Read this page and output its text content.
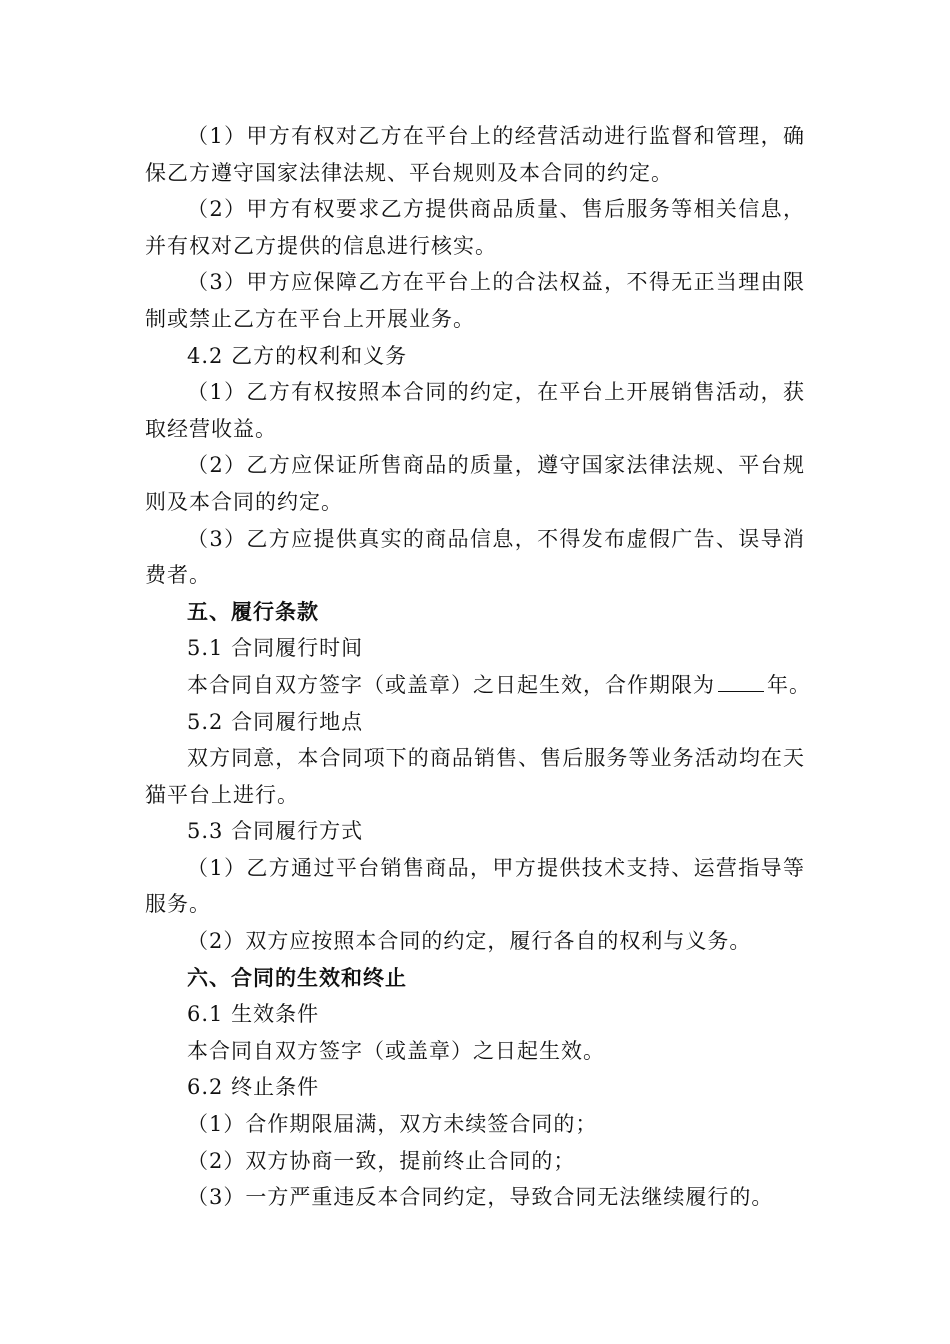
（1）甲方有权对乙方在平台上的经营活动进行监督和管理，确保乙方遵守国家法律法规、平台规则及本合同的约定。

（2）甲方有权要求乙方提供商品质量、售后服务等相关信息，并有权对乙方提供的信息进行核实。

（3）甲方应保障乙方在平台上的合法权益，不得无正当理由限制或禁止乙方在平台上开展业务。

4.2 乙方的权利和义务

（1）乙方有权按照本合同的约定，在平台上开展销售活动，获取经营收益。

（2）乙方应保证所售商品的质量，遵守国家法律法规、平台规则及本合同的约定。

（3）乙方应提供真实的商品信息，不得发布虚假广告、误导消费者。

五、履行条款

5.1 合同履行时间

本合同自双方签字（或盖章）之日起生效，合作期限为 年。

5.2 合同履行地点

双方同意，本合同项下的商品销售、售后服务等业务活动均在天猫平台上进行。

5.3 合同履行方式

（1）乙方通过平台销售商品，甲方提供技术支持、运营指导等服务。

（2）双方应按照本合同的约定，履行各自的权利与义务。

六、合同的生效和终止

6.1 生效条件

本合同自双方签字（或盖章）之日起生效。

6.2 终止条件

（1）合作期限届满，双方未续签合同的；

（2）双方协商一致，提前终止合同的；

（3）一方严重违反本合同约定，导致合同无法继续履行的。
